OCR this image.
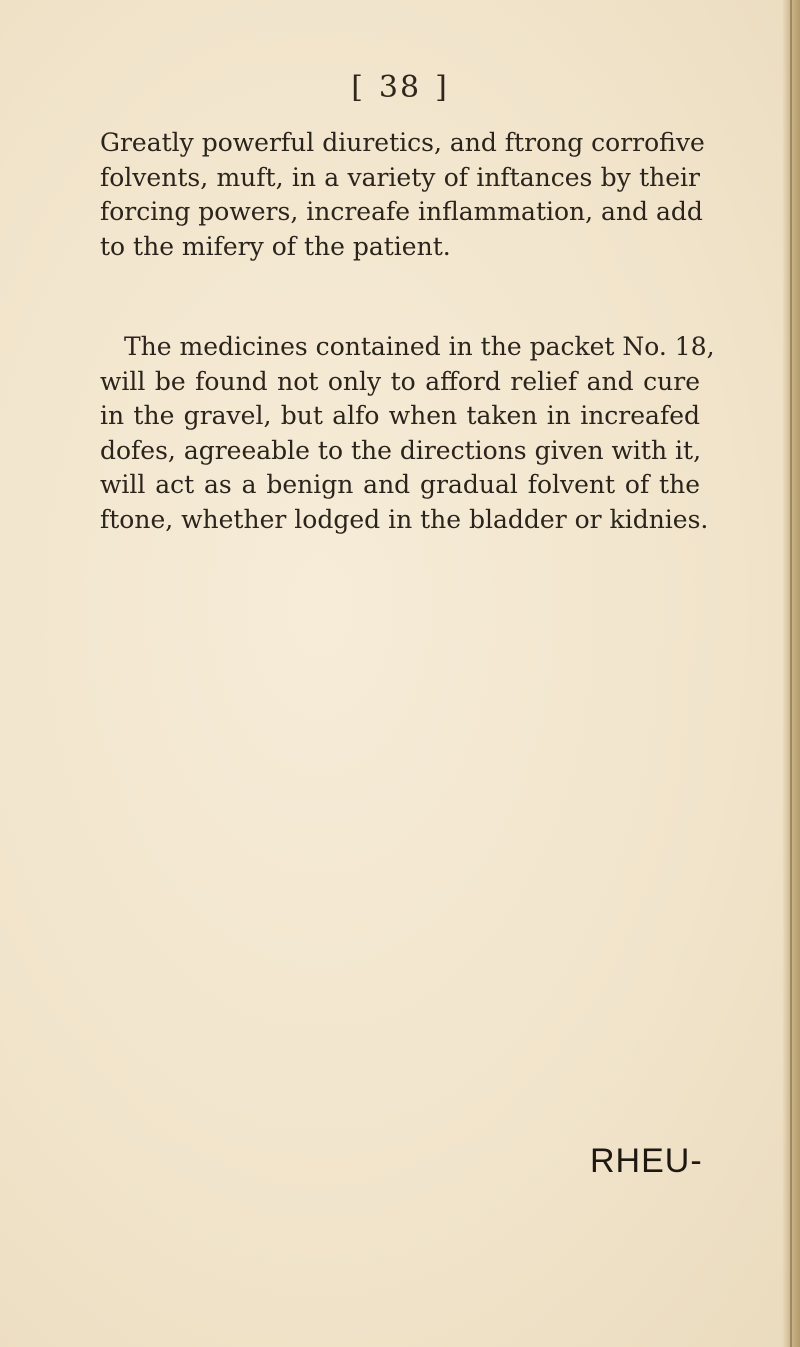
[ 38 ]
Greatly powerful diuretics, and ftrong corrofive
folvents, muft, in a variety of inftances by their
forcing powers, increafe inflammation, and add
to the mifery of the patient.
The medicines contained in the packet No. 18,
will be found not only to afford relief and cure
in the gravel, but alfo when taken in increafed
dofes, agreeable to the directions given with it,
will act as a benign and gradual folvent of the
ftone, whether lodged in the bladder or kidnies.
RHEU-
